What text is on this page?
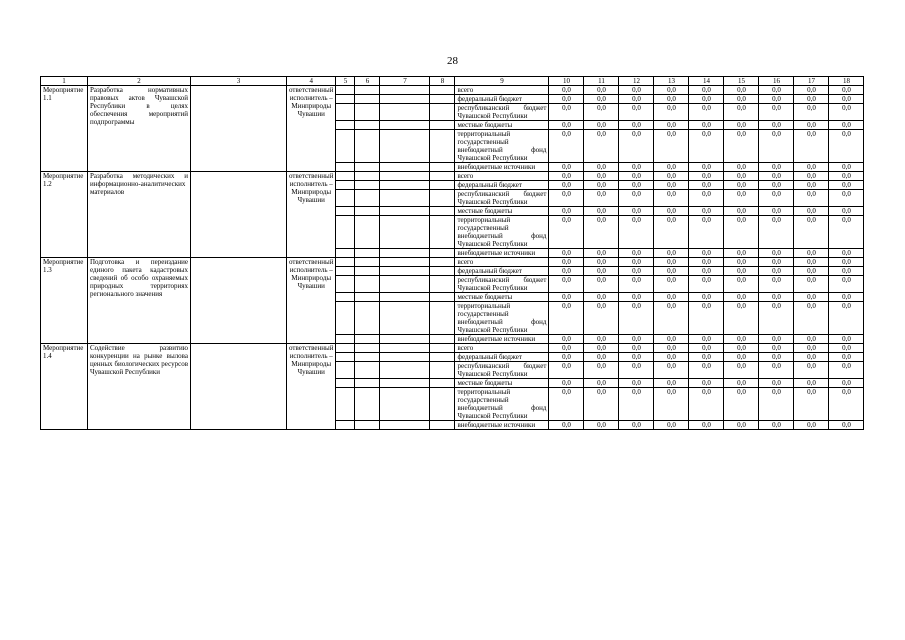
28
1	2	3	4	5	6	7	8	9	10	11	12	13	14	15	16	17	18
Мероприятие 1.1	Разработка нормативных правовых актов Чувашской Республики в целях обеспечения мероприятий подпрограммы		ответственный исполнитель – Минприроды Чувашии					всего	0,0	0,0	0,0	0,0	0,0	0,0	0,0	0,0	0,0
								федеральный бюджет	0,0	0,0	0,0	0,0	0,0	0,0	0,0	0,0	0,0
								республиканский бюджет Чувашской Республики	0,0	0,0	0,0	0,0	0,0	0,0	0,0	0,0	0,0
								местные бюджеты	0,0	0,0	0,0	0,0	0,0	0,0	0,0	0,0	0,0
								территориальный государственный внебюджетный фонд Чувашской Республики	0,0	0,0	0,0	0,0	0,0	0,0	0,0	0,0	0,0
								внебюджетные источники	0,0	0,0	0,0	0,0	0,0	0,0	0,0	0,0	0,0
Мероприятие 1.2	Разработка методических и информационно-аналитических материалов		ответственный исполнитель – Минприроды Чувашии					всего	0,0	0,0	0,0	0,0	0,0	0,0	0,0	0,0	0,0
								федеральный бюджет	0,0	0,0	0,0	0,0	0,0	0,0	0,0	0,0	0,0
								республиканский бюджет Чувашской Республики	0,0	0,0	0,0	0,0	0,0	0,0	0,0	0,0	0,0
								местные бюджеты	0,0	0,0	0,0	0,0	0,0	0,0	0,0	0,0	0,0
								территориальный государственный внебюджетный фонд Чувашской Республики	0,0	0,0	0,0	0,0	0,0	0,0	0,0	0,0	0,0
								внебюджетные источники	0,0	0,0	0,0	0,0	0,0	0,0	0,0	0,0	0,0
Мероприятие 1.3	Подготовка и переиздание единого пакета кадастровых сведений об особо охраняемых природных территориях регионального значения		ответственный исполнитель – Минприроды Чувашии					всего	0,0	0,0	0,0	0,0	0,0	0,0	0,0	0,0	0,0
								федеральный бюджет	0,0	0,0	0,0	0,0	0,0	0,0	0,0	0,0	0,0
								республиканский бюджет Чувашской Республики	0,0	0,0	0,0	0,0	0,0	0,0	0,0	0,0	0,0
								местные бюджеты	0,0	0,0	0,0	0,0	0,0	0,0	0,0	0,0	0,0
								территориальный государственный внебюджетный фонд Чувашской Республики	0,0	0,0	0,0	0,0	0,0	0,0	0,0	0,0	0,0
								внебюджетные источники	0,0	0,0	0,0	0,0	0,0	0,0	0,0	0,0	0,0
Мероприятие 1.4	Содействие развитию конкуренции на рынке вылова ценных биологических ресурсов Чувашской Республики		ответственный исполнитель – Минприроды Чувашии					всего	0,0	0,0	0,0	0,0	0,0	0,0	0,0	0,0	0,0
								федеральный бюджет	0,0	0,0	0,0	0,0	0,0	0,0	0,0	0,0	0,0
								республиканский бюджет Чувашской Республики	0,0	0,0	0,0	0,0	0,0	0,0	0,0	0,0	0,0
								местные бюджеты	0,0	0,0	0,0	0,0	0,0	0,0	0,0	0,0	0,0
								территориальный государственный внебюджетный фонд Чувашской Республики	0,0	0,0	0,0	0,0	0,0	0,0	0,0	0,0	0,0
								внебюджетные источники	0,0	0,0	0,0	0,0	0,0	0,0	0,0	0,0	0,0
